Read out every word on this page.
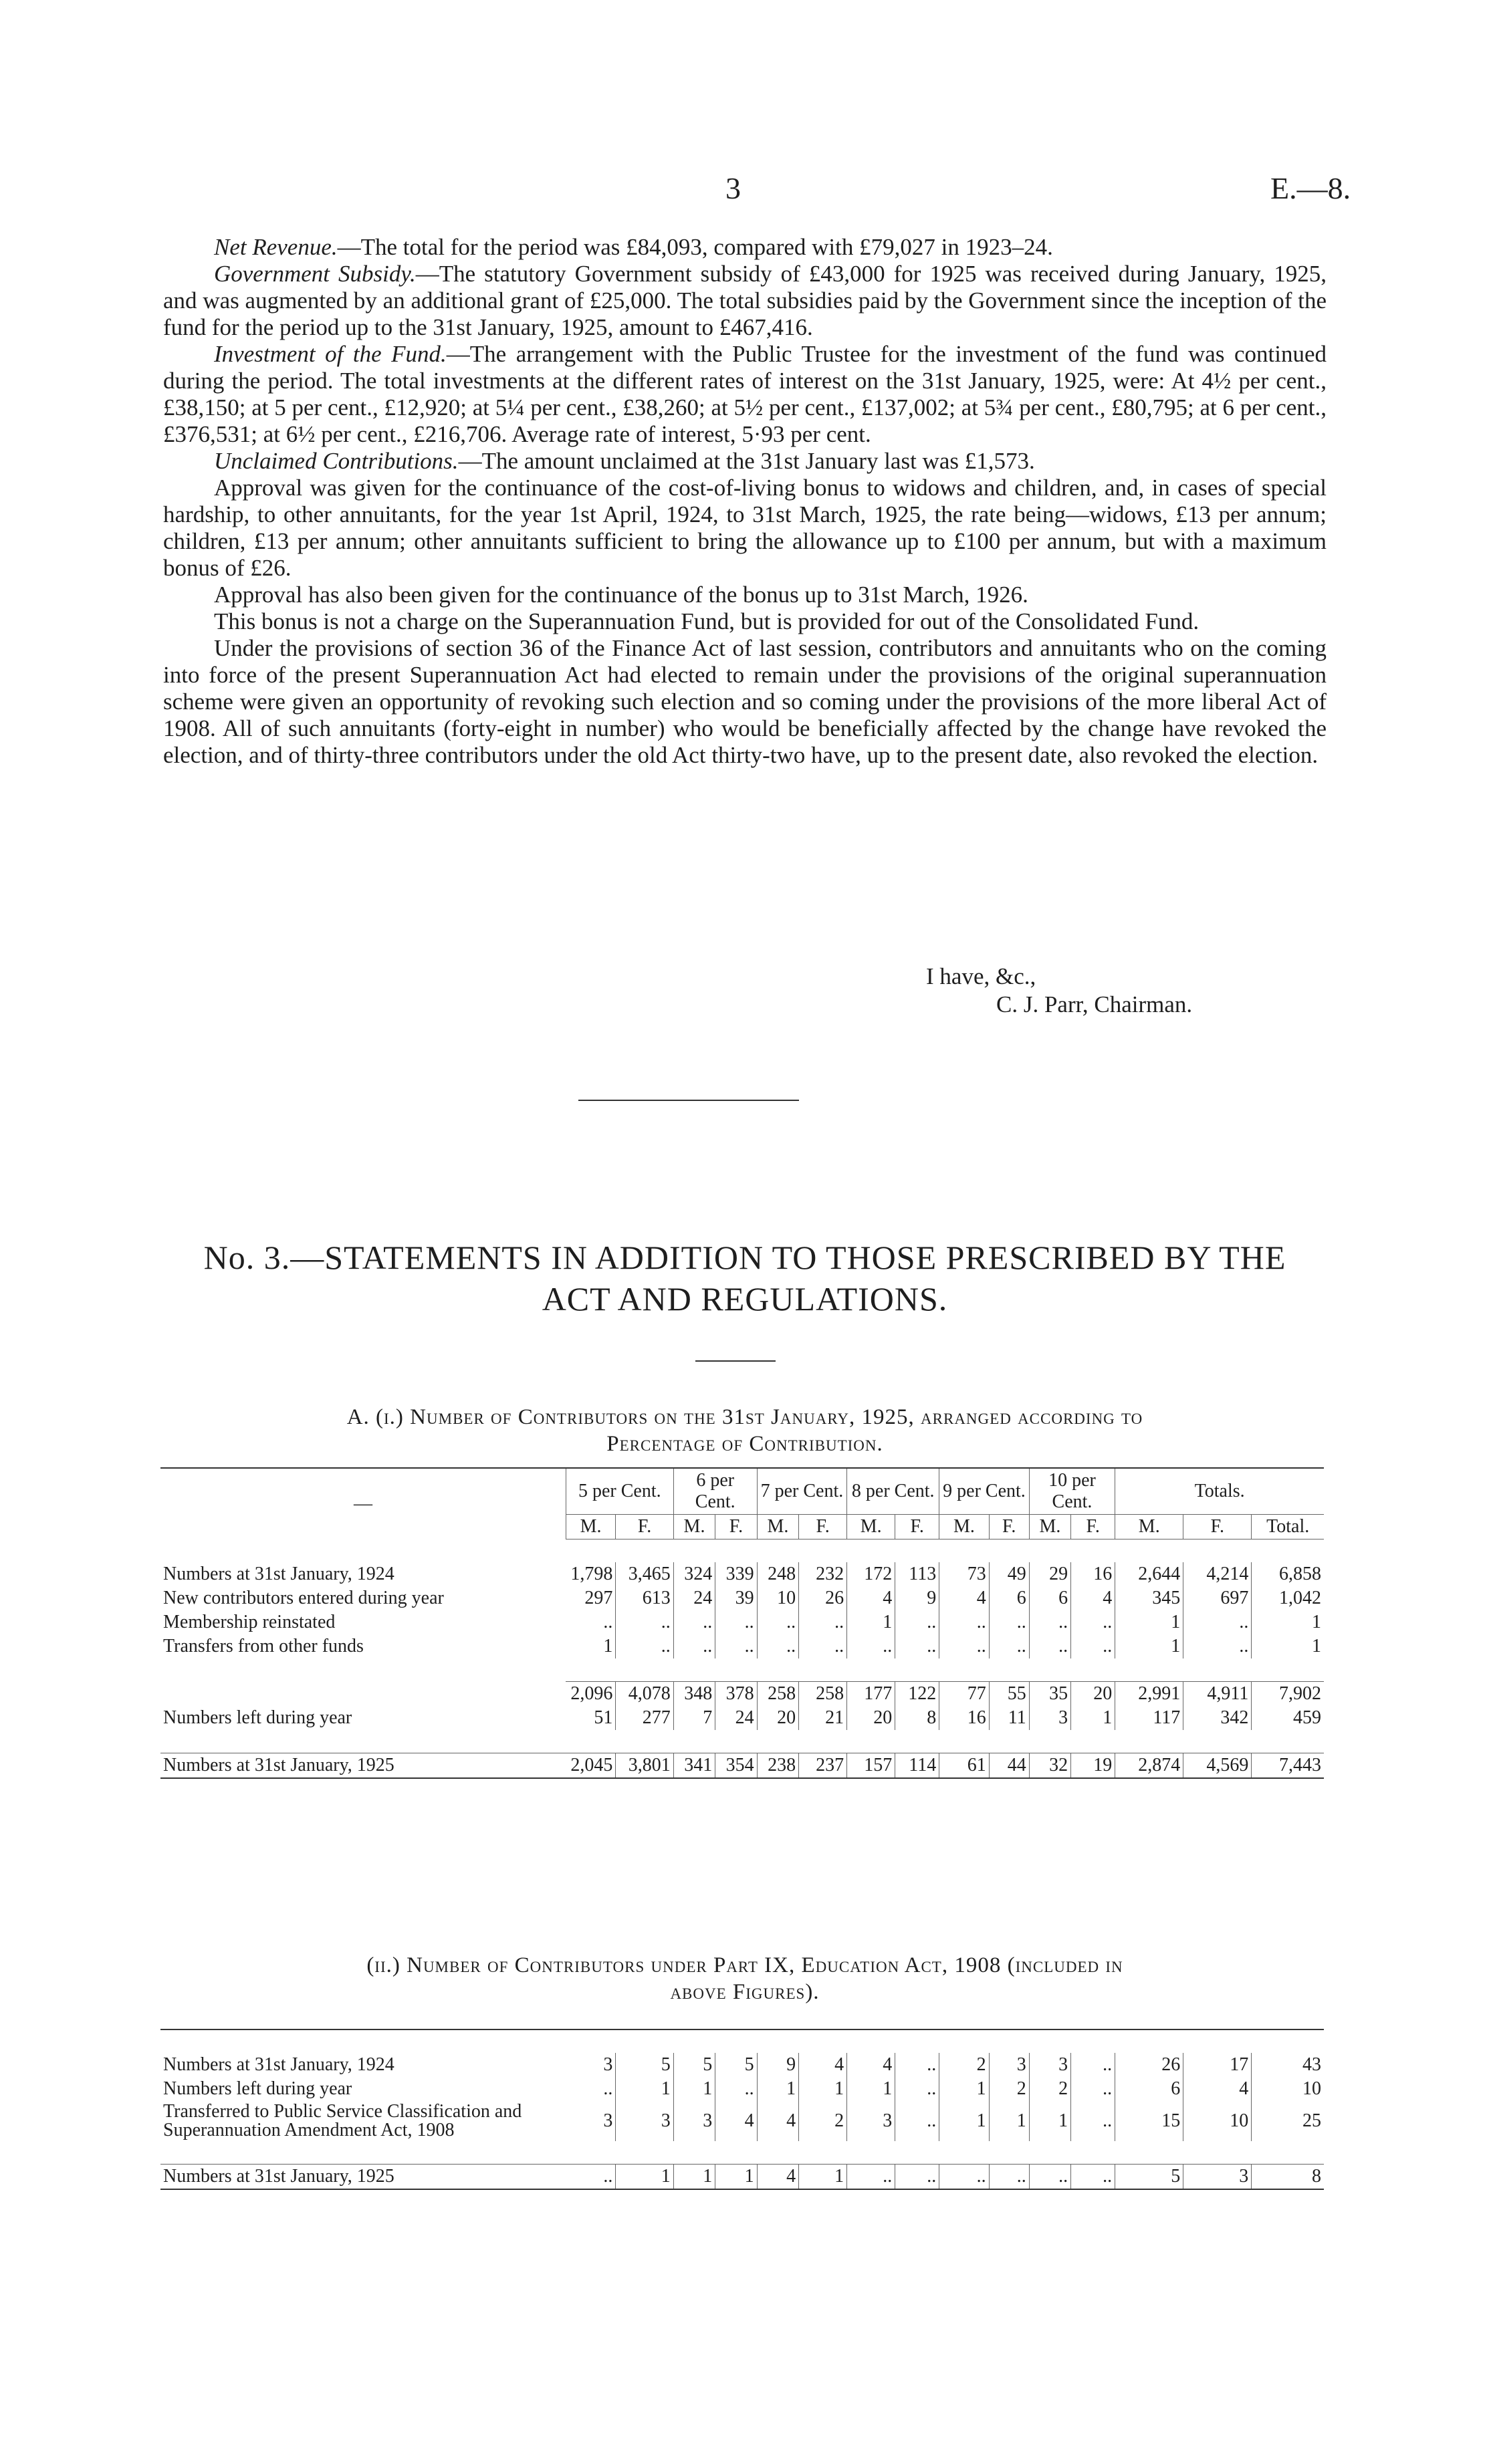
3	E.—8.

Net Revenue.—The total for the period was £84,093, compared with £79,027 in 1923–24.

Government Subsidy.—The statutory Government subsidy of £43,000 for 1925 was received during January, 1925, and was augmented by an additional grant of £25,000. The total subsidies paid by the Government since the inception of the fund for the period up to the 31st January, 1925, amount to £467,416.

Investment of the Fund.—The arrangement with the Public Trustee for the investment of the fund was continued during the period. The total investments at the different rates of interest on the 31st January, 1925, were: At 4½ per cent., £38,150; at 5 per cent., £12,920; at 5¼ per cent., £38,260; at 5½ per cent., £137,002; at 5¾ per cent., £80,795; at 6 per cent., £376,531; at 6½ per cent., £216,706. Average rate of interest, 5·93 per cent.

Unclaimed Contributions.—The amount unclaimed at the 31st January last was £1,573.

Approval was given for the continuance of the cost-of-living bonus to widows and children, and, in cases of special hardship, to other annuitants, for the year 1st April, 1924, to 31st March, 1925, the rate being—widows, £13 per annum; children, £13 per annum; other annuitants sufficient to bring the allowance up to £100 per annum, but with a maximum bonus of £26.

Approval has also been given for the continuance of the bonus up to 31st March, 1926.

This bonus is not a charge on the Superannuation Fund, but is provided for out of the Consolidated Fund.

Under the provisions of section 36 of the Finance Act of last session, contributors and annuitants who on the coming into force of the present Superannuation Act had elected to remain under the provisions of the original superannuation scheme were given an opportunity of revoking such election and so coming under the provisions of the more liberal Act of 1908. All of such annuitants (forty-eight in number) who would be beneficially affected by the change have revoked the election, and of thirty-three contributors under the old Act thirty-two have, up to the present date, also revoked the election.

I have, &c.,
C. J. Parr, Chairman.
No. 3.—STATEMENTS IN ADDITION TO THOSE PRESCRIBED BY THE
ACT AND REGULATIONS.
A. (i.) Number of Contributors on the 31st January, 1925, arranged according to
Percentage of Contribution.
—	5 per Cent.		6 per Cent.		7 per Cent.		8 per Cent.		9 per Cent.		10 per Cent.		Totals.		
	M.	F.	M.	F.	M.	F.	M.	F.	M.	F.	M.	F.	M.	F.	Total.

Numbers at 31st January, 1924	1,798	3,465	324	339	248	232	172	113	73	49	29	16	2,644	4,214	6,858
New contributors entered during year	297	613	24	39	10	26	4	9	4	6	6	4	345	697	1,042
Membership reinstated	..	..	..	..	..	..	1	..	..	..	..	..	1	..	1
Transfers from other funds	1	..	..	..	..	..	..	..	..	..	..	..	1	..	1

	2,096	4,078	348	378	258	258	177	122	77	55	35	20	2,991	4,911	7,902
Numbers left during year	51	277	7	24	20	21	20	8	16	11	3	1	117	342	459

Numbers at 31st January, 1925	2,045	3,801	341	354	238	237	157	114	61	44	32	19	2,874	4,569	7,443
(ii.) Number of Contributors under Part IX, Education Act, 1908 (included in
above Figures).

Numbers at 31st January, 1924	3	5	5	5	9	4	4	..	2	3	3	..	26	17	43
Numbers left during year	..	1	1	..	1	1	1	..	1	2	2	..	6	4	10
Transferred to Public Service Classification and Superannuation Amendment Act, 1908	3	3	3	4	4	2	3	..	1	1	1	..	15	10	25

Numbers at 31st January, 1925	..	1	1	1	4	1	..	..	..	..	..	..	5	3	8
